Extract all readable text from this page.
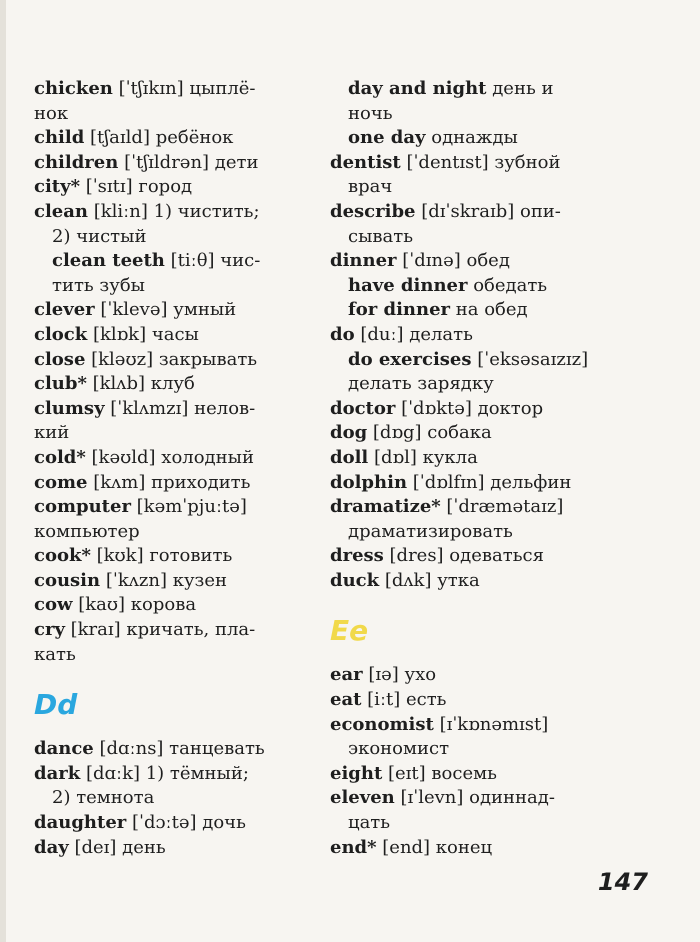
chicken [ˈtʃɪkɪn] цыплё-
нок
child [tʃaɪld] ребёнок
children [ˈtʃɪldrən] дети
city* [ˈsɪtɪ] город
clean [kliːn] 1) чистить;
2) чистый
clean teeth [tiːθ] чис-
тить зубы
clever [ˈklevə] умный
clock [klɒk] часы
close [kləʊz] закрывать
club* [klʌb] клуб
clumsy [ˈklʌmzɪ] нелов-
кий
cold* [kəʊld] холодный
come [kʌm] приходить
computer [kəmˈpjuːtə]
компьютер
cook* [kʊk] готовить
cousin [ˈkʌzn] кузен
cow [kaʊ] корова
cry [kraɪ] кричать, пла-
кать
Dd
dance [dɑːns] танцевать
dark [dɑːk] 1) тёмный;
2) темнота
daughter [ˈdɔːtə] дочь
day [deɪ] день
day and night день и
ночь
one day однажды
dentist [ˈdentɪst] зубной
врач
describe [dɪˈskraɪb] опи-
сывать
dinner [ˈdɪnə] обед
have dinner обедать
for dinner на обед
do [duː] делать
do exercises [ˈeksəsaɪzɪz]
делать зарядку
doctor [ˈdɒktə] доктор
dog [dɒg] собака
doll [dɒl] кукла
dolphin [ˈdɒlfɪn] дельфин
dramatize* [ˈdræmətaɪz]
драматизировать
dress [dres] одеваться
duck [dʌk] утка
Ee
ear [ɪə] ухо
eat [iːt] есть
economist [ɪˈkɒnəmɪst]
экономист
eight [eɪt] восемь
eleven [ɪˈlevn] одиннад-
цать
end* [end] конец
147
